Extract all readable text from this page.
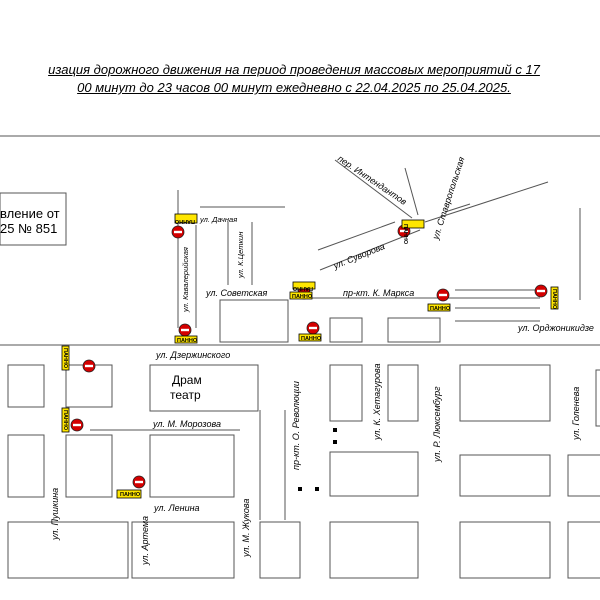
изация дорожного движения на период проведения массовых мероприятий с 17
00 минут до 23 часов 00 минут ежедневно с 22.04.2025 по 25.04.2025.
вление от
25 № 851
Драм
театр
пер. Интендантов ул. Ставропольская
ул. Дачная
ул. Кавалерийская	ул. К.Цеткин	ул. Суворова
ул. Советская	пр-кт. К. Маркса
ул. Орджоникидзе
ул. Дзержинского
ул. М. Морозова	пр-кт. О. Революции	ул. К. Хетагурова	ул. Р. Люксембург	ул. Голенева
ул. Пушкина
ул. Артема
ул. Ленина	ул. М. Жукова
ПАННО
ПАННО
ПАННО
ПАННО
ПАННО	ПАННО
ПАННО	ПАННО
ПАННО
ПАННО
ПАННО
